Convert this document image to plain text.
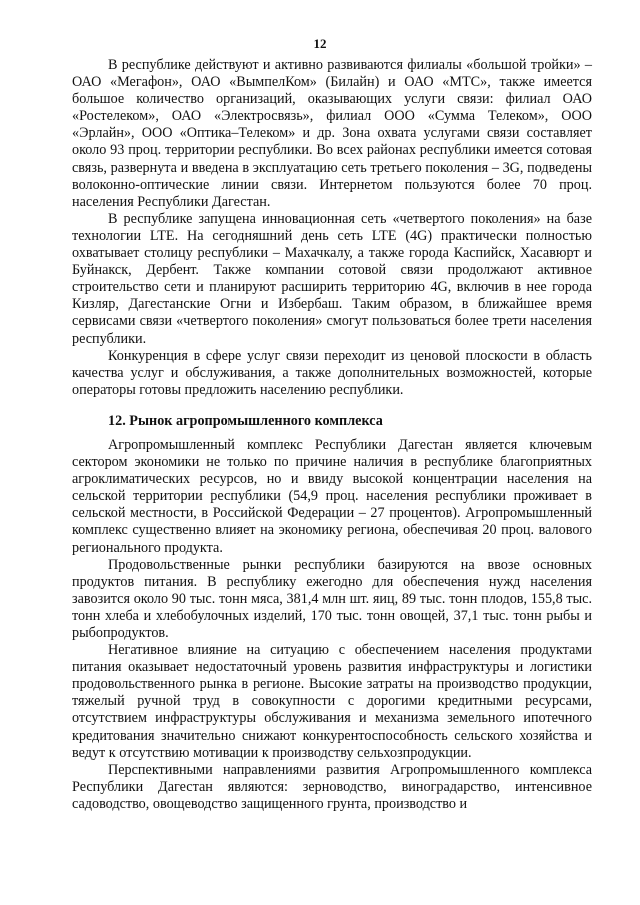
12

В республике действуют и активно развиваются филиалы «большой тройки» – ОАО «Мегафон», ОАО «ВымпелКом» (Билайн) и ОАО «МТС», также имеется большое количество организаций, оказывающих услуги связи: филиал ОАО «Ростелеком», ОАО «Электросвязь», филиал ООО «Сумма Телеком», ООО «Эрлайн», ООО «Оптика–Телеком» и др. Зона охвата услугами связи составляет около 93 проц. территории республики. Во всех районах республики имеется сотовая связь, развернута и введена в эксплуатацию сеть третьего поколения – 3G, подведены волоконно-оптические линии связи. Интернетом пользуются более 70 проц. населения Республики Дагестан.

В республике запущена инновационная сеть «четвертого поколения» на базе технологии LTE. На сегодняшний день сеть LTE (4G) практически полностью охватывает столицу республики – Махачкалу, а также города Каспийск, Хасавюрт и Буйнакск, Дербент. Также компании сотовой связи продолжают активное строительство сети и планируют расширить территорию 4G, включив в нее города Кизляр, Дагестанские Огни и Избербаш. Таким образом, в ближайшее время сервисами связи «четвертого поколения» смогут пользоваться более трети населения республики.

Конкуренция в сфере услуг связи переходит из ценовой плоскости в область качества услуг и обслуживания, а также дополнительных возможностей, которые операторы готовы предложить населению республики.

12. Рынок агропромышленного комплекса

Агропромышленный комплекс Республики Дагестан является ключевым сектором экономики не только по причине наличия в республике благоприятных агроклиматических ресурсов, но и ввиду высокой концентрации населения на сельской территории республики (54,9 проц. населения республики проживает в сельской местности, в Российской Федерации – 27 процентов). Агропромышленный комплекс существенно влияет на экономику региона, обеспечивая 20 проц. валового регионального продукта.

Продовольственные рынки республики базируются на ввозе основных продуктов питания. В республику ежегодно для обеспечения нужд населения завозится около 90 тыс. тонн мяса, 381,4 млн шт. яиц, 89 тыс. тонн плодов, 155,8 тыс. тонн хлеба и хлебобулочных изделий, 170 тыс. тонн овощей, 37,1 тыс. тонн рыбы и рыбопродуктов.

Негативное влияние на ситуацию с обеспечением населения продуктами питания оказывает недостаточный уровень развития инфраструктуры и логистики продовольственного рынка в регионе. Высокие затраты на производство продукции, тяжелый ручной труд в совокупности с дорогими кредитными ресурсами, отсутствием инфраструктуры обслуживания и механизма земельного ипотечного кредитования значительно снижают конкурентоспособность сельского хозяйства и ведут к отсутствию мотивации к производству сельхозпродукции.

Перспективными направлениями развития Агропромышленного комплекса Республики Дагестан являются: зерноводство, виноградарство, интенсивное садоводство, овощеводство защищенного грунта, производство и
